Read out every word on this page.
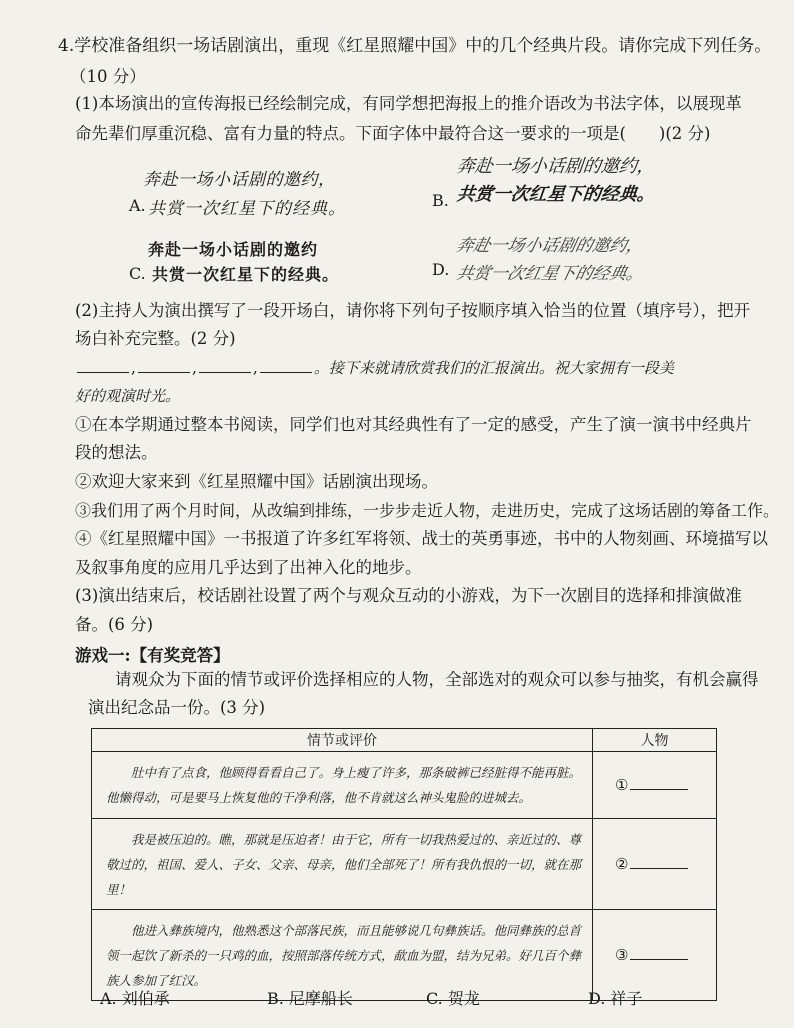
4.学校准备组织一场话剧演出，重现《红星照耀中国》中的几个经典片段。请你完成下列任务。
（10 分）
(1)本场演出的宣传海报已经绘制完成，有同学想把海报上的推介语改为书法字体，以展现革
命先辈们厚重沉稳、富有力量的特点。下面字体中最符合这一要求的一项是(　　)(2 分)
奔赴一场小话剧的邀约，
A. 共赏一次红星下的经典。	B.
奔赴一场小话剧的邀约，
共赏一次红星下的经典。
奔赴一场小话剧的邀约
C. 共赏一次红星下的经典。	D.
奔赴一场小话剧的邀约，
共赏一次红星下的经典。
(2)主持人为演出撰写了一段开场白，请你将下列句子按顺序填入恰当的位置（填序号），把开
场白补充完整。(2 分)
,	,	,	。接下来就请欣赏我们的汇报演出。祝大家拥有一段美
好的观演时光。
①在本学期通过整本书阅读，同学们也对其经典性有了一定的感受，产生了演一演书中经典片
段的想法。
②欢迎大家来到《红星照耀中国》话剧演出现场。
③我们用了两个月时间，从改编到排练，一步步走近人物，走进历史，完成了这场话剧的筹备工作。
④《红星照耀中国》一书报道了许多红军将领、战士的英勇事迹，书中的人物刻画、环境描写以
及叙事角度的应用几乎达到了出神入化的地步。
(3)演出结束后，校话剧社设置了两个与观众互动的小游戏，为下一次剧目的选择和排演做准
备。(6 分)
游戏一:【有奖竞答】
请观众为下面的情节或评价选择相应的人物，全部选对的观众可以参与抽奖，有机会赢得
演出纪念品一份。(3 分)
情节或评价	人物
肚中有了点食，他顾得看看自己了。身上瘦了许多，那条破裤已经脏得不能再脏。他懒得动，可是要马上恢复他的干净利落，他不肯就这么神头鬼脸的进城去。	①
我是被压迫的。瞧，那就是压迫者！由于它，所有一切我热爱过的、亲近过的、尊敬过的，祖国、爱人、子女、父亲、母亲，他们全部死了！所有我仇恨的一切，就在那里！	②
他进入彝族境内，他熟悉这个部落民族，而且能够说几句彝族话。他同彝族的总首领一起饮了新杀的一只鸡的血，按照部落传统方式，歃血为盟，结为兄弟。好几百个彝族人参加了红汉。	③
A. 刘伯承	B. 尼摩船长	C. 贺龙	D. 祥子
